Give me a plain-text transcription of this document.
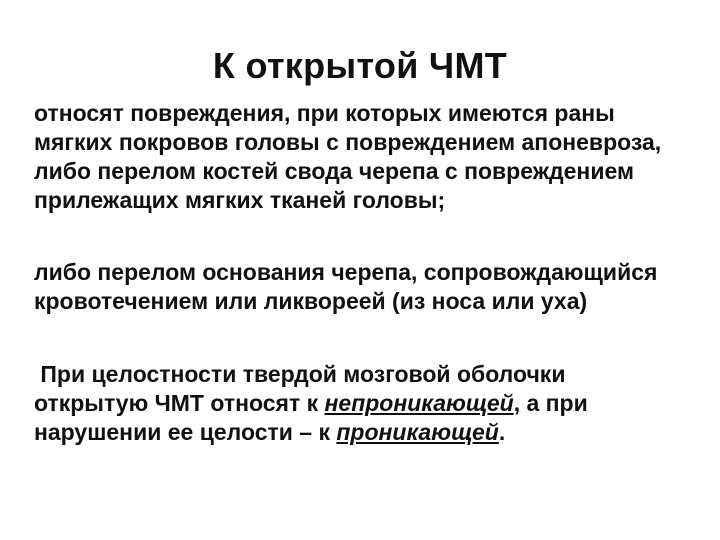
К открытой ЧМТ
относят повреждения, при которых имеются раны
мягких покровов головы с повреждением апоневроза,
либо перелом костей свода черепа с повреждением
прилежащих мягких тканей головы;
либо перелом основания черепа, сопровождающийся
кровотечением или ликвореей (из носа или уха)
При целостности твердой мозговой оболочки
открытую ЧМТ относят к непроникающей, а при
нарушении ее целости – к проникающей.
